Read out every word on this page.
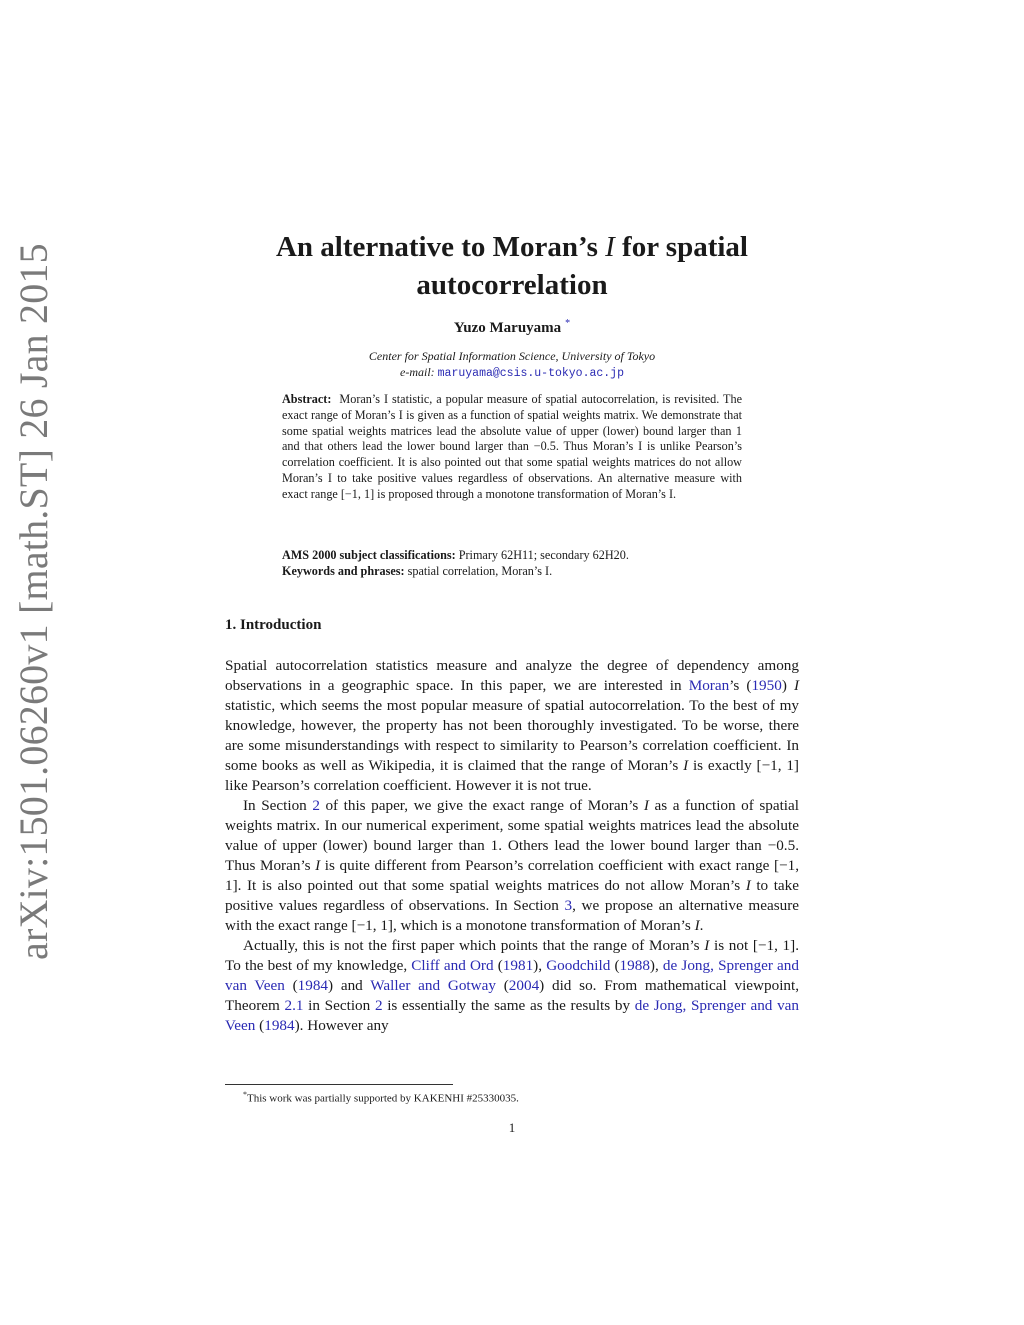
arXiv:1501.06260v1 [math.ST] 26 Jan 2015	An alternative to Moran’s I for spatial
autocorrelation
Yuzo Maruyama *
Center for Spatial Information Science, University of Tokyo
e-mail: maruyama@csis.u-tokyo.ac.jp
Abstract: Moran’s I statistic, a popular measure of spatial autocorrelation, is revisited. The exact range of Moran’s I is given as a function of spatial weights matrix. We demonstrate that some spatial weights matrices lead the absolute value of upper (lower) bound larger than 1 and that others lead the lower bound larger than −0.5. Thus Moran’s I is unlike Pearson’s correlation coefficient. It is also pointed out that some spatial weights matrices do not allow Moran’s I to take positive values regardless of observations. An alternative measure with exact range [−1, 1] is proposed through a monotone transformation of Moran’s I.
AMS 2000 subject classifications: Primary 62H11; secondary 62H20.
Keywords and phrases: spatial correlation, Moran’s I.
1. Introduction

Spatial autocorrelation statistics measure and analyze the degree of dependency among observations in a geographic space. In this paper, we are interested in Moran’s (1950) I statistic, which seems the most popular measure of spatial autocorrelation. To the best of my knowledge, however, the property has not been thoroughly investigated. To be worse, there are some misunderstandings with respect to similarity to Pearson’s correlation coefficient. In some books as well as Wikipedia, it is claimed that the range of Moran’s I is exactly [−1, 1] like Pearson’s correlation coefficient. However it is not true.

In Section 2 of this paper, we give the exact range of Moran’s I as a function of spatial weights matrix. In our numerical experiment, some spatial weights matrices lead the absolute value of upper (lower) bound larger than 1. Others lead the lower bound larger than −0.5. Thus Moran’s I is quite different from Pearson’s correlation coefficient with exact range [−1, 1]. It is also pointed out that some spatial weights matrices do not allow Moran’s I to take positive values regardless of observations. In Section 3, we propose an alternative measure with the exact range [−1, 1], which is a monotone transformation of Moran’s I.

Actually, this is not the first paper which points that the range of Moran’s I is not [−1, 1]. To the best of my knowledge, Cliff and Ord (1981), Goodchild (1988), de Jong, Sprenger and van Veen (1984) and Waller and Gotway (2004) did so. From mathematical viewpoint, Theorem 2.1 in Section 2 is essentially the same as the results by de Jong, Sprenger and van Veen (1984). However any

*This work was partially supported by KAKENHI #25330035.
1
